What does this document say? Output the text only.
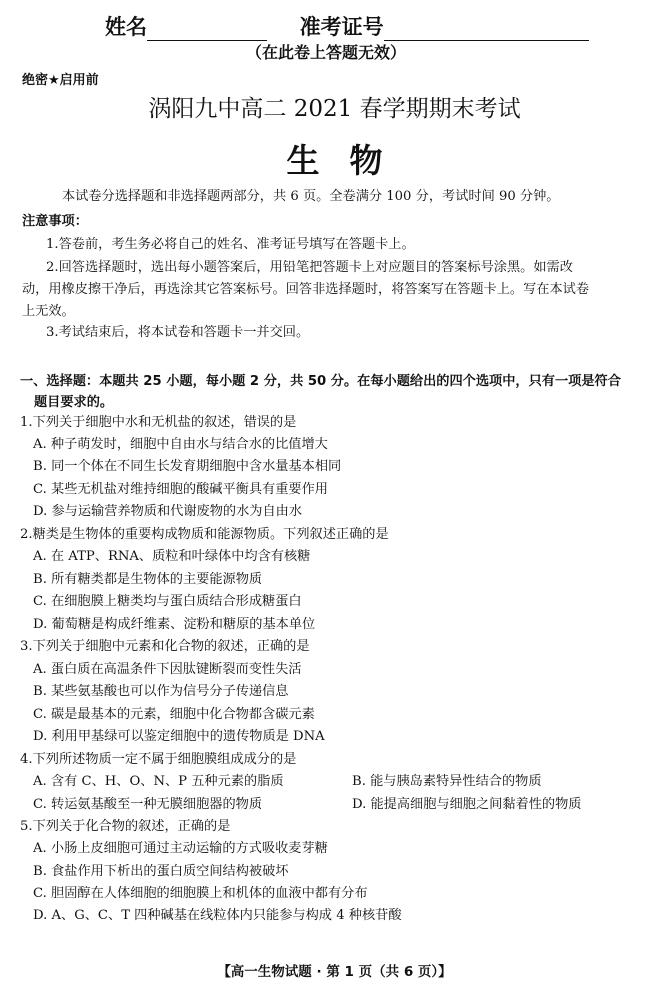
姓名	准考证号
（在此卷上答题无效）
绝密★启用前
涡阳九中高二 2021 春学期期末考试
生物
本试卷分选择题和非选择题两部分，共 6 页。全卷满分 100 分，考试时间 90 分钟。
注意事项：
1.答卷前，考生务必将自己的姓名、准考证号填写在答题卡上。
2.回答选择题时，选出每小题答案后，用铅笔把答题卡上对应题目的答案标号涂黑。如需改
动，用橡皮擦干净后，再选涂其它答案标号。回答非选择题时，将答案写在答题卡上。写在本试卷
上无效。
3.考试结束后，将本试卷和答题卡一并交回。
一、选择题：本题共 25 小题，每小题 2 分，共 50 分。在每小题给出的四个选项中，只有一项是符合
题目要求的。
1.下列关于细胞中水和无机盐的叙述，错误的是
A. 种子萌发时，细胞中自由水与结合水的比值增大
B. 同一个体在不同生长发育期细胞中含水量基本相同
C. 某些无机盐对维持细胞的酸碱平衡具有重要作用
D. 参与运输营养物质和代谢废物的水为自由水
2.糖类是生物体的重要构成物质和能源物质。下列叙述正确的是
A. 在 ATP、RNA、质粒和叶绿体中均含有核糖
B. 所有糖类都是生物体的主要能源物质
C. 在细胞膜上糖类均与蛋白质结合形成糖蛋白
D. 葡萄糖是构成纤维素、淀粉和糖原的基本单位
3.下列关于细胞中元素和化合物的叙述，正确的是
A. 蛋白质在高温条件下因肽键断裂而变性失活
B. 某些氨基酸也可以作为信号分子传递信息
C. 碳是最基本的元素，细胞中化合物都含碳元素
D. 利用甲基绿可以鉴定细胞中的遗传物质是 DNA
4.下列所述物质一定不属于细胞膜组成成分的是
A. 含有 C、H、O、N、P 五种元素的脂质	B. 能与胰岛素特异性结合的物质
C. 转运氨基酸至一种无膜细胞器的物质	D. 能提高细胞与细胞之间黏着性的物质
5.下列关于化合物的叙述，正确的是
A. 小肠上皮细胞可通过主动运输的方式吸收麦芽糖
B. 食盐作用下析出的蛋白质空间结构被破坏
C. 胆固醇在人体细胞的细胞膜上和机体的血液中都有分布
D. A、G、C、T 四种碱基在线粒体内只能参与构成 4 种核苷酸
【高一生物试题 · 第 1 页（共 6 页）】
